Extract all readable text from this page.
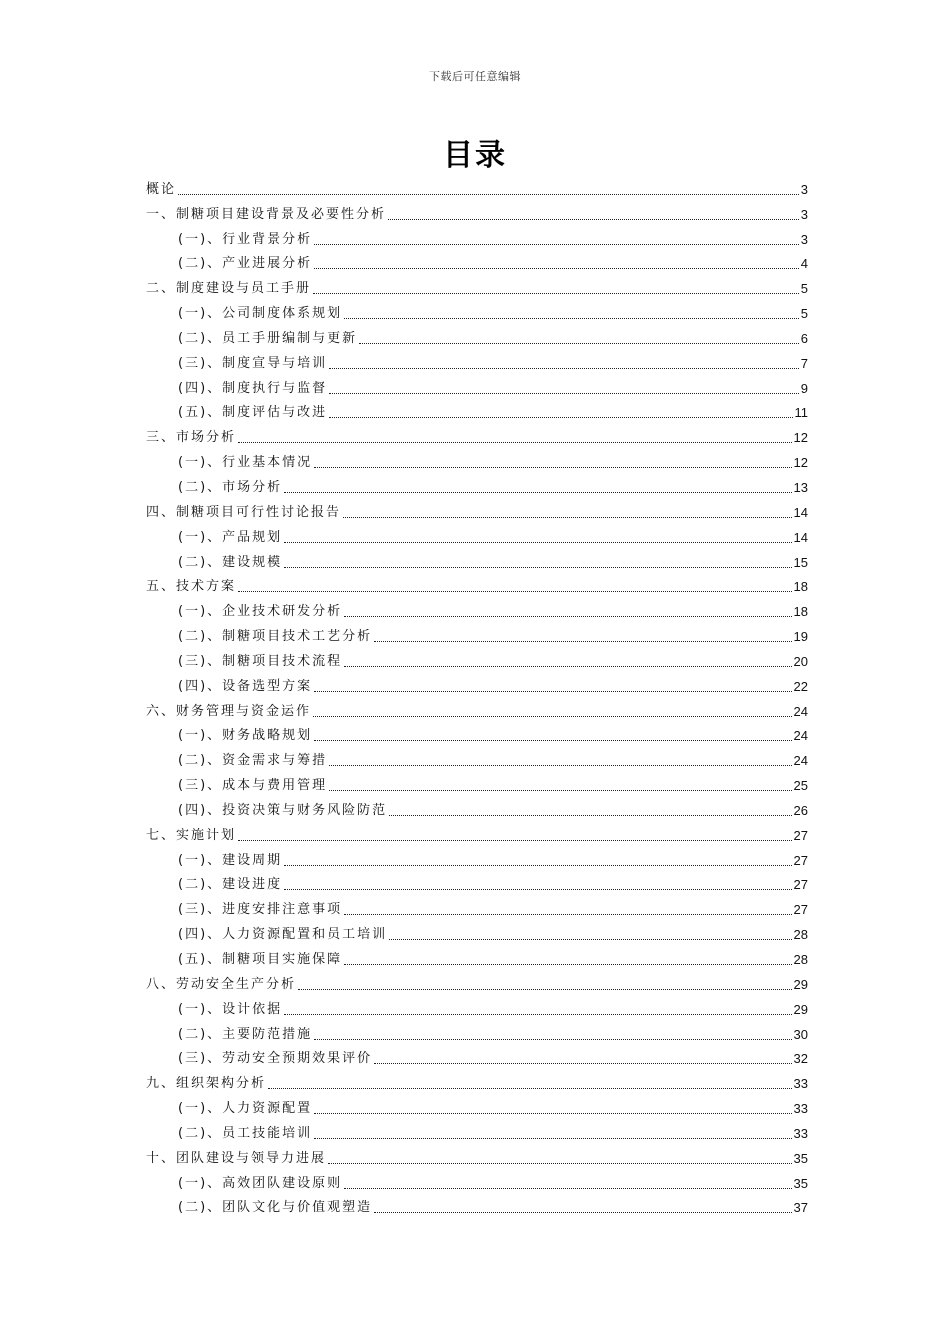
下载后可任意编辑
目录
概论	3
一、制糖项目建设背景及必要性分析	3
(一)、行业背景分析	3
(二)、产业进展分析	4
二、制度建设与员工手册	5
(一)、公司制度体系规划	5
(二)、员工手册编制与更新	6
(三)、制度宣导与培训	7
(四)、制度执行与监督	9
(五)、制度评估与改进	11
三、市场分析	12
(一)、行业基本情况	12
(二)、市场分析	13
四、制糖项目可行性讨论报告	14
(一)、产品规划	14
(二)、建设规模	15
五、技术方案	18
(一)、企业技术研发分析	18
(二)、制糖项目技术工艺分析	19
(三)、制糖项目技术流程	20
(四)、设备选型方案	22
六、财务管理与资金运作	24
(一)、财务战略规划	24
(二)、资金需求与筹措	24
(三)、成本与费用管理	25
(四)、投资决策与财务风险防范	26
七、实施计划	27
(一)、建设周期	27
(二)、建设进度	27
(三)、进度安排注意事项	27
(四)、人力资源配置和员工培训	28
(五)、制糖项目实施保障	28
八、劳动安全生产分析	29
(一)、设计依据	29
(二)、主要防范措施	30
(三)、劳动安全预期效果评价	32
九、组织架构分析	33
(一)、人力资源配置	33
(二)、员工技能培训	33
十、团队建设与领导力进展	35
(一)、高效团队建设原则	35
(二)、团队文化与价值观塑造	37
